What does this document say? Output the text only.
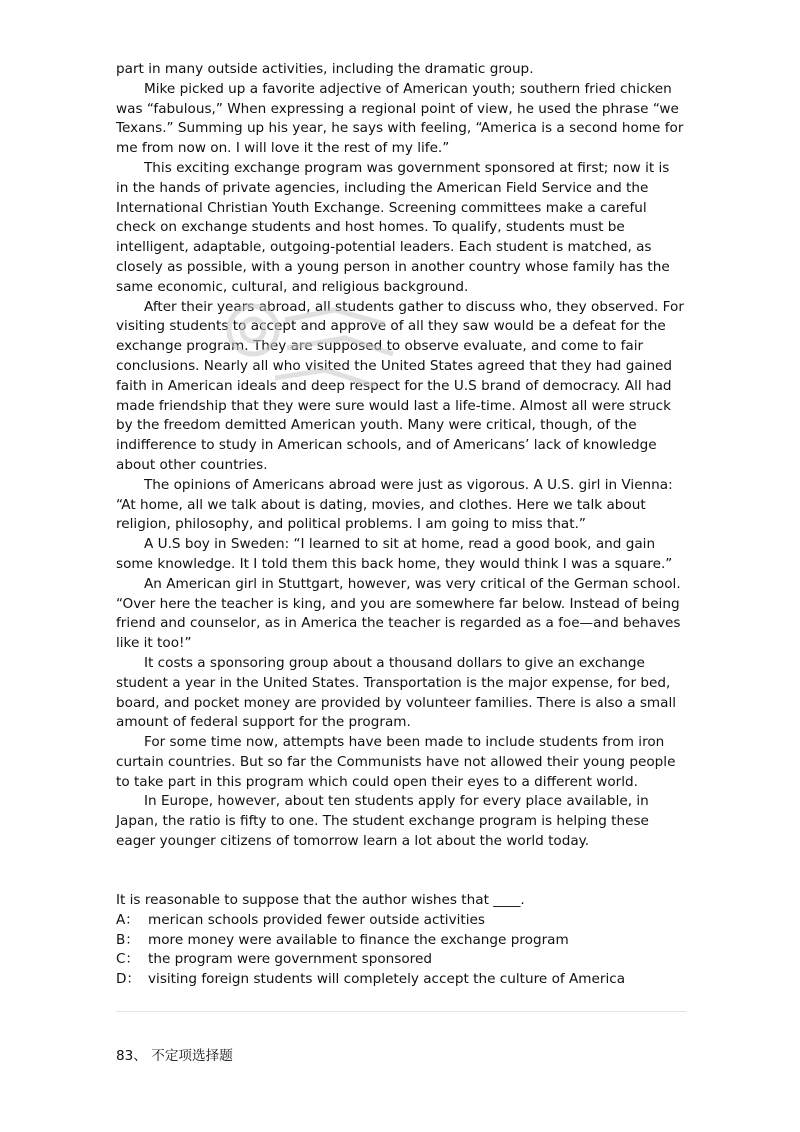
part in many outside activities, including the dramatic group.

Mike picked up a favorite adjective of American youth; southern fried chicken was “fabulous,” When expressing a regional point of view, he used the phrase “we Texans.” Summing up his year, he says with feeling, “America is a second home for me from now on. I will love it the rest of my life.”

This exciting exchange program was government sponsored at first; now it is in the hands of private agencies, including the American Field Service and the International Christian Youth Exchange. Screening committees make a careful check on exchange students and host homes. To qualify, students must be intelligent, adaptable, outgoing-potential leaders. Each student is matched, as closely as possible, with a young person in another country whose family has the same economic, cultural, and religious background.

After their years abroad, all students gather to discuss who, they observed. For visiting students to accept and approve of all they saw would be a defeat for the exchange program. They are supposed to observe evaluate, and come to fair conclusions. Nearly all who visited the United States agreed that they had gained faith in American ideals and deep respect for the U.S brand of democracy. All had made friendship that they were sure would last a life-time. Almost all were struck by the freedom demitted American youth. Many were critical, though, of the indifference to study in American schools, and of Americans’ lack of knowledge about other countries.

The opinions of Americans abroad were just as vigorous. A U.S. girl in Vienna: “At home, all we talk about is dating, movies, and clothes. Here we talk about religion, philosophy, and political problems. I am going to miss that.”

A U.S boy in Sweden: “I learned to sit at home, read a good book, and gain some knowledge. It I told them this back home, they would think I was a square.”

An American girl in Stuttgart, however, was very critical of the German school. “Over here the teacher is king, and you are somewhere far below. Instead of being friend and counselor, as in America the teacher is regarded as a foe—and behaves like it too!”

It costs a sponsoring group about a thousand dollars to give an exchange student a year in the United States. Transportation is the major expense, for bed, board, and pocket money are provided by volunteer families. There is also a small amount of federal support for the program.

For some time now, attempts have been made to include students from iron curtain countries. But so far the Communists have not allowed their young people to take part in this program which could open their eyes to a different world.

In Europe, however, about ten students apply for every place available, in Japan, the ratio is fifty to one. The student exchange program is helping these eager younger citizens of tomorrow learn a lot about the world today.

It is reasonable to suppose that the author wishes that ____.

A： merican schools provided fewer outside activities

B： more money were available to finance the exchange program

C： the program were government sponsored

D： visiting foreign students will completely accept the culture of America

83、 不定项选择题
